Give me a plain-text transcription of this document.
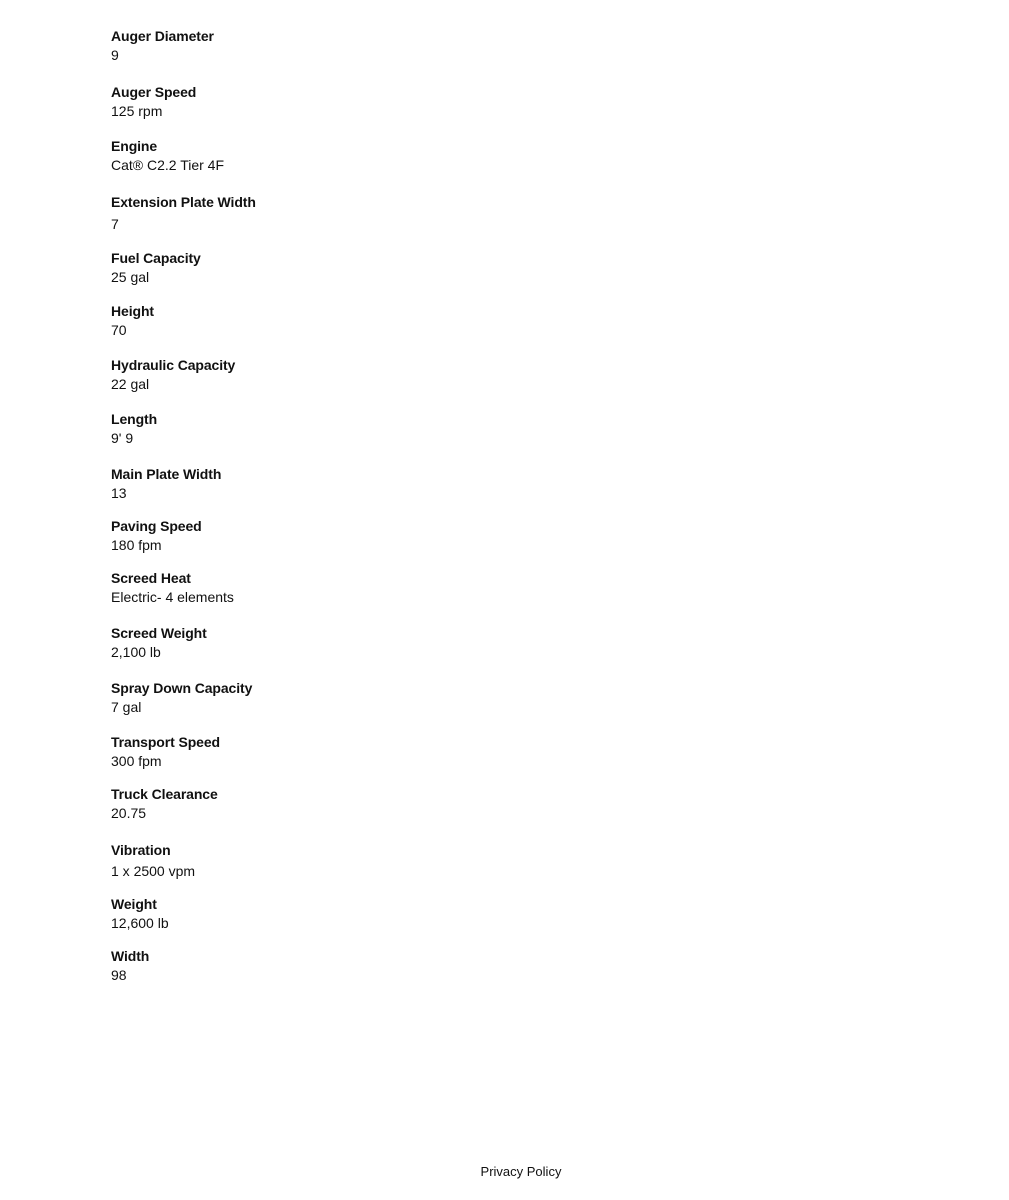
Auger Diameter
9
Auger Speed
125 rpm
Engine
Cat® C2.2 Tier 4F
Extension Plate Width
7
Fuel Capacity
25 gal
Height
70
Hydraulic Capacity
22 gal
Length
9' 9
Main Plate Width
13
Paving Speed
180 fpm
Screed Heat
Electric- 4 elements
Screed Weight
2,100 lb
Spray Down Capacity
7 gal
Transport Speed
300 fpm
Truck Clearance
20.75
Vibration
1 x 2500 vpm
Weight
12,600 lb
Width
98
Privacy Policy
